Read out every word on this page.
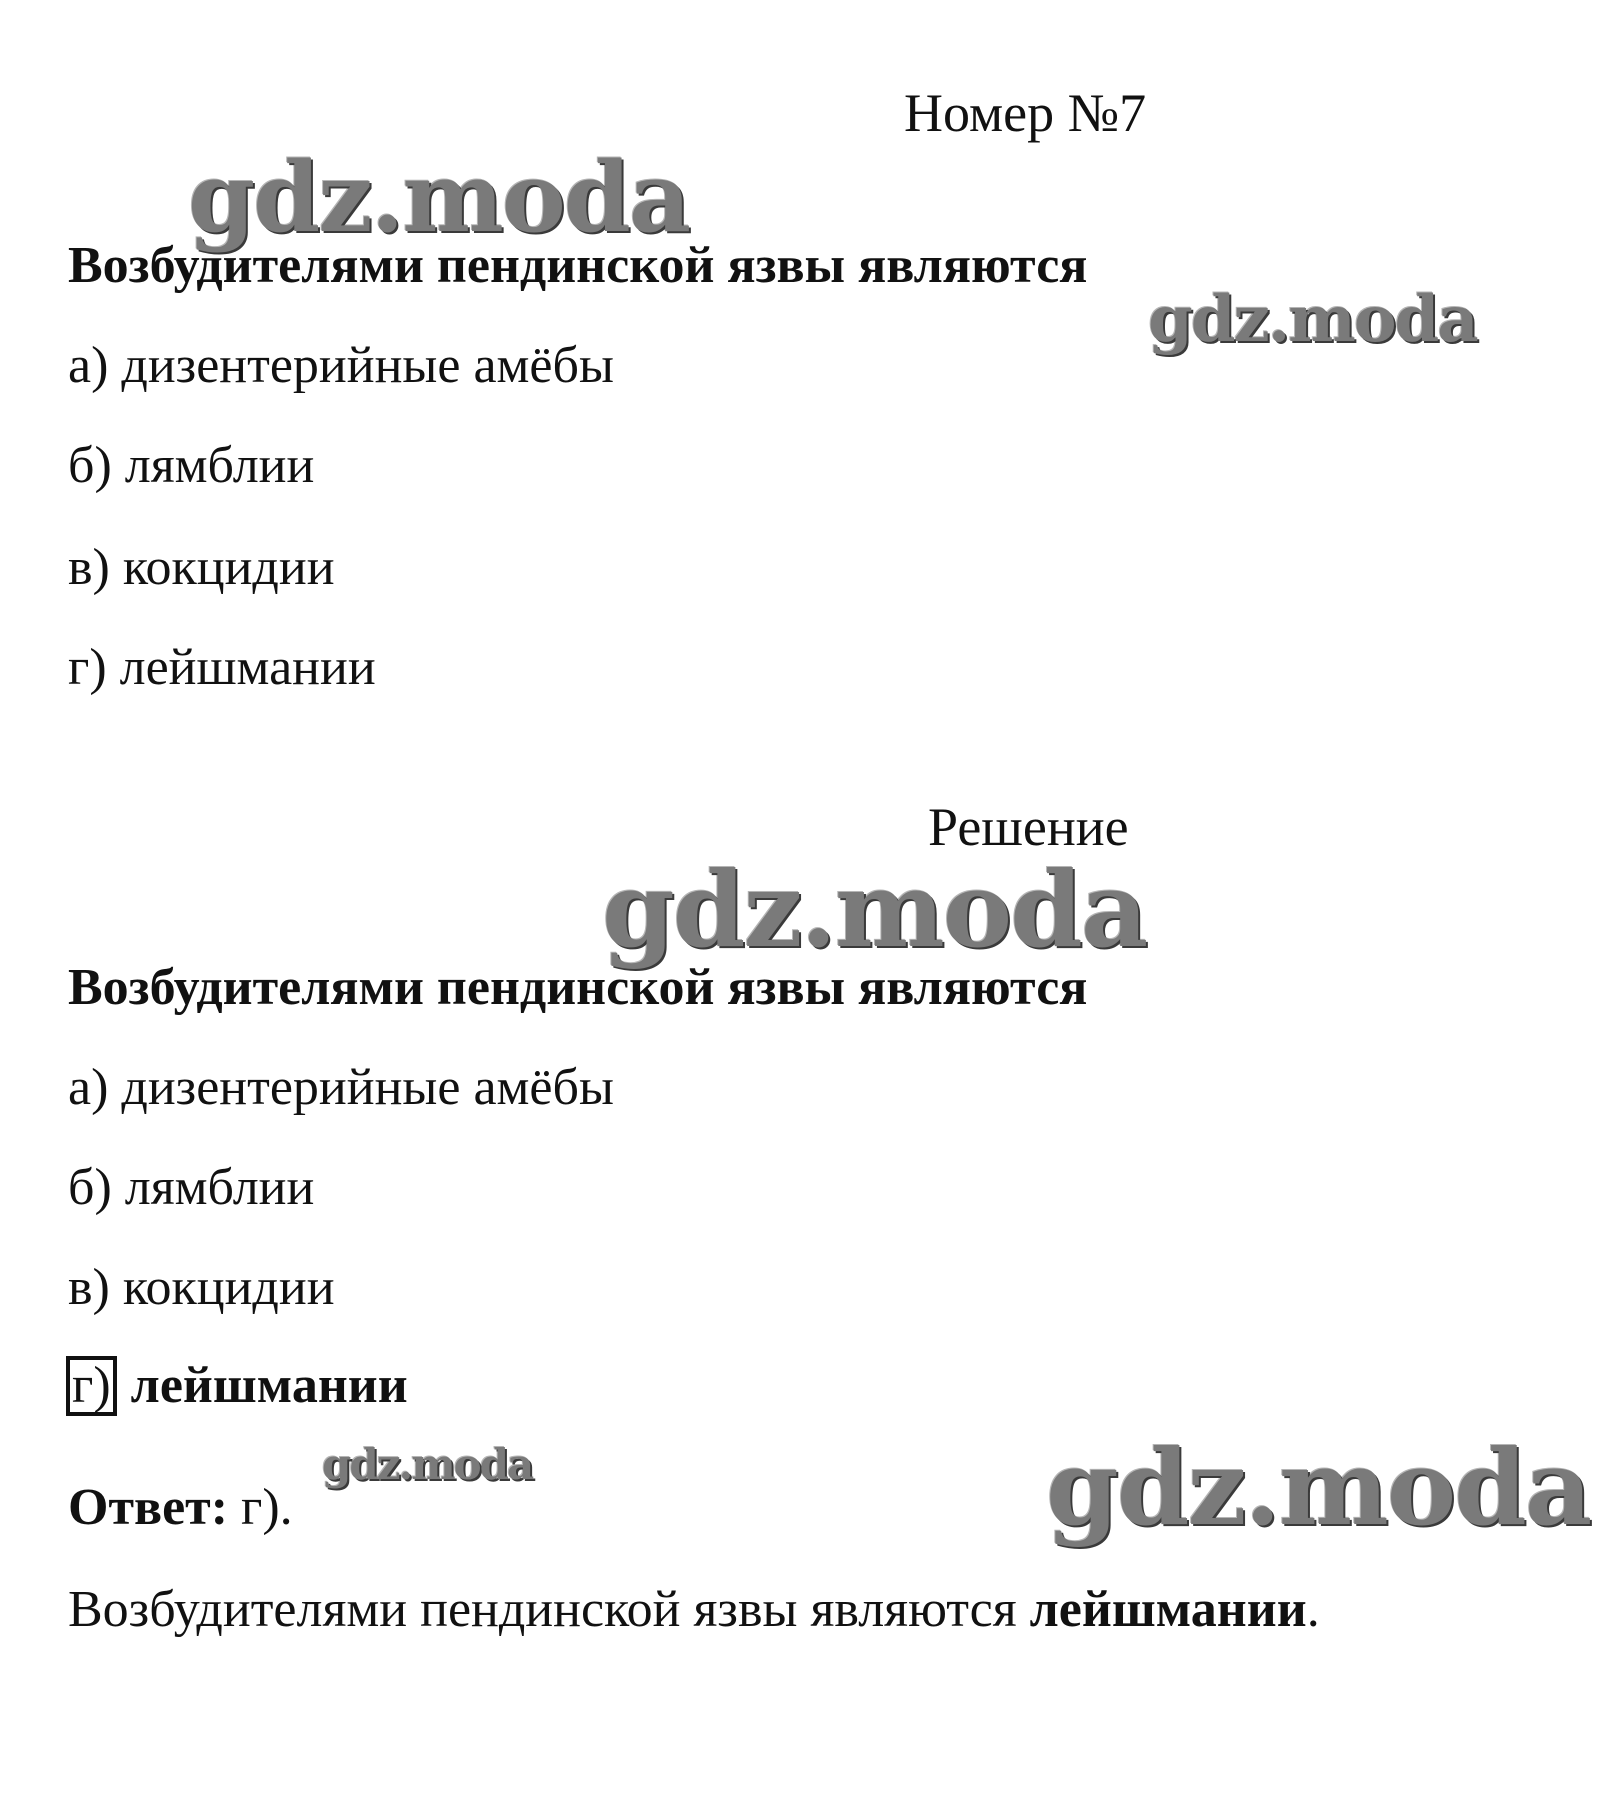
gdz.moda
gdz.moda
gdz.moda
gdz.moda	gdz.moda
Номер №7
Возбудителями пендинской язвы являются
а) дизентерийные амёбы
б) лямблии
в) кокцидии
г) лейшмании
Решение
Возбудителями пендинской язвы являются
а) дизентерийные амёбы
б) лямблии
в) кокцидии
г) лейшмании
Ответ: г).
Возбудителями пендинской язвы являются лейшмании.
